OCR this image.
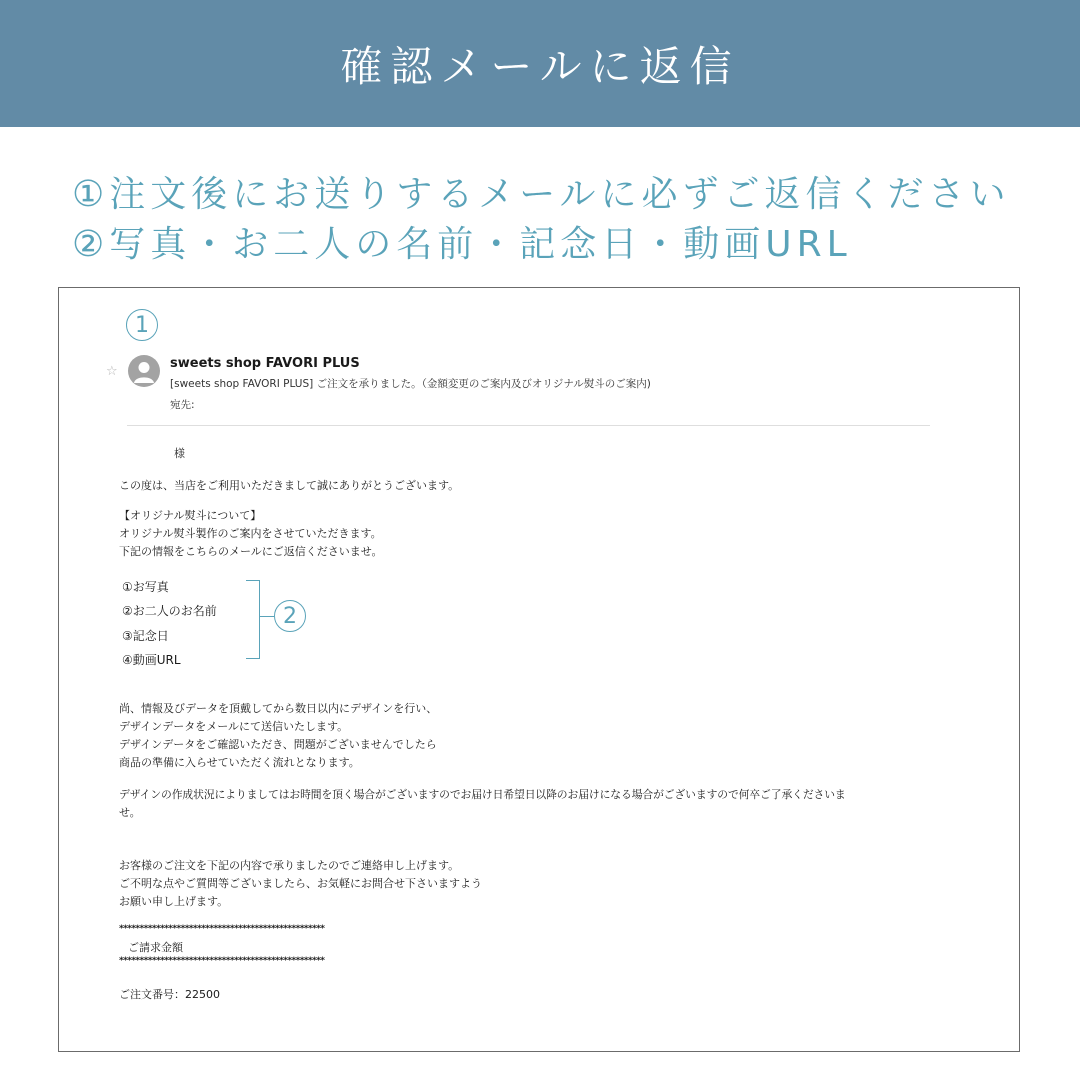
確認メールに返信
①注文後にお送りするメールに必ずご返信ください
②写真・お二人の名前・記念日・動画URL
1
☆
sweets shop FAVORI PLUS
[sweets shop FAVORI PLUS] ご注文を承りました。（金額変更のご案内及びオリジナル熨斗のご案内)
宛先:
様
この度は、当店をご利用いただきまして誠にありがとうございます。
【オリジナル熨斗について】
オリジナル熨斗製作のご案内をさせていただきます。
下記の情報をこちらのメールにご返信くださいませ。
①お写真
②お二人のお名前
③記念日
④動画URL
2
尚、情報及びデータを頂戴してから数日以内にデザインを行い、
デザインデータをメールにて送信いたします。
デザインデータをご確認いただき、問題がございませんでしたら
商品の準備に入らせていただく流れとなります。
デザインの作成状況によりましてはお時間を頂く場合がございますのでお届け日希望日以降のお届けになる場合がございますので何卒ご了承くださいま
せ。
お客様のご注文を下記の内容で承りましたのでご連絡申し上げます。
ご不明な点やご質問等ございましたら、お気軽にお問合せ下さいますよう
お願い申し上げます。
**************************************************
ご請求金額
**************************************************
ご注文番号：22500
